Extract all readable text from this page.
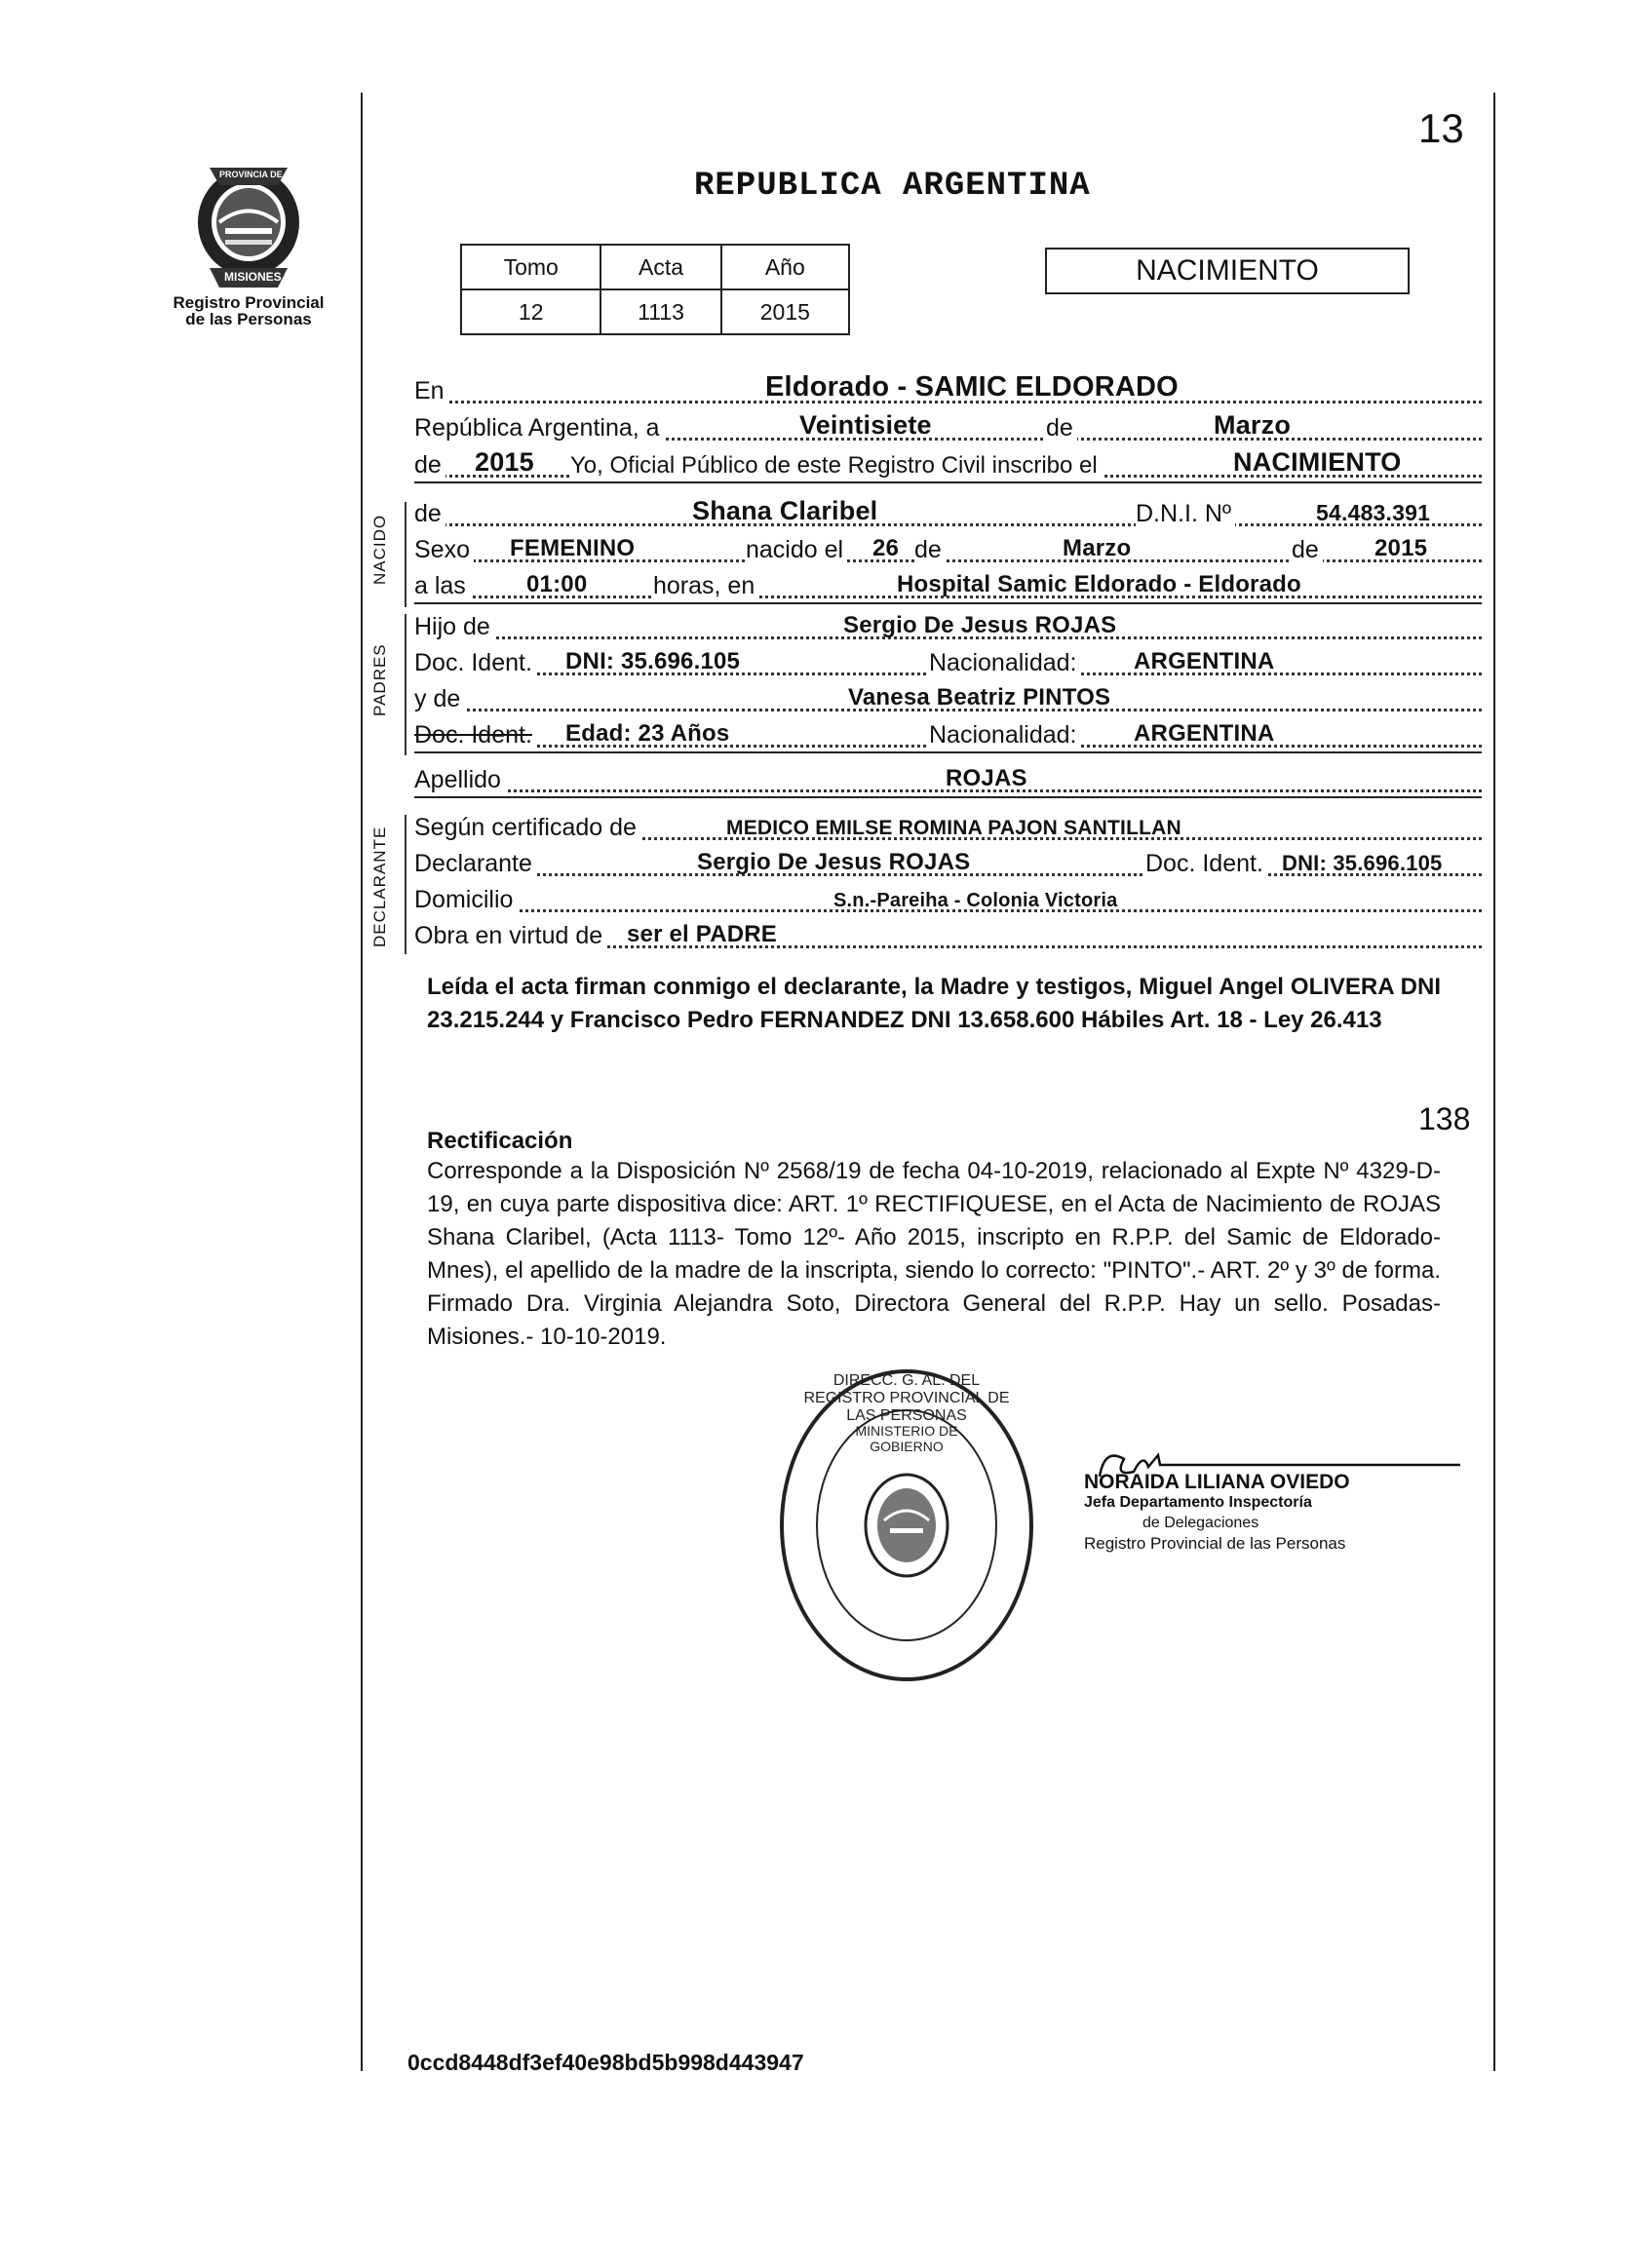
13
PROVINCIA DE
MISIONES
Registro Provincial
de las Personas
REPUBLICA ARGENTINA
Tomo	Acta	Año
12	1113	2015
NACIMIENTO
En	Eldorado - SAMIC ELDORADO
República Argentina, a	Veintisiete	de	Marzo
de 2015 Yo, Oficial Público de este Registro Civil inscribo el	NACIMIENTO
NACIDO
de	Shana Claribel	D.N.I. Nº	54.483.391
Sexo FEMENINO	nacido el 26 de	Marzo	de 2015
a las	01:00	horas, en	Hospital Samic Eldorado - Eldorado
PADRES
Hijo de	Sergio De Jesus ROJAS
Doc. Ident. DNI: 35.696.105	Nacionalidad: ARGENTINA
y de	Vanesa Beatriz PINTOS
Doc. Ident. Edad: 23 Años	Nacionalidad: ARGENTINA
Apellido	ROJAS
DECLARANTE Según certificado de	MEDICO EMILSE ROMINA PAJON SANTILLAN
Declarante	Sergio De Jesus ROJAS	Doc. Ident. DNI: 35.696.105
Domicilio	S.n.-Pareiha - Colonia Victoria
Obra en virtud de ser el PADRE
Leída el acta firman conmigo el declarante, la Madre y testigos, Miguel Angel OLIVERA DNI 23.215.244 y Francisco Pedro FERNANDEZ DNI 13.658.600 Hábiles Art. 18 - Ley 26.413
138
Rectificación
Corresponde a la Disposición Nº 2568/19 de fecha 04-10-2019, relacionado al Expte Nº 4329-D-19, en cuya parte dispositiva dice: ART. 1º RECTIFIQUESE, en el Acta de Nacimiento de ROJAS Shana Claribel, (Acta 1113- Tomo 12º- Año 2015, inscripto en R.P.P. del Samic de Eldorado-Mnes), el apellido de la madre de la inscripta, siendo lo correcto: "PINTO".- ART. 2º y 3º de forma. Firmado Dra. Virginia Alejandra Soto, Directora General del R.P.P. Hay un sello. Posadas- Misiones.- 10-10-2019.
DIRECC. G. AL. DEL REGISTRO PROVINCIAL DE LAS PERSONAS
MINISTERIO DE GOBIERNO
NORAIDA LILIANA OVIEDO
Jefa Departamento Inspectoría
de Delegaciones
Registro Provincial de las Personas
0ccd8448df3ef40e98bd5b998d443947
